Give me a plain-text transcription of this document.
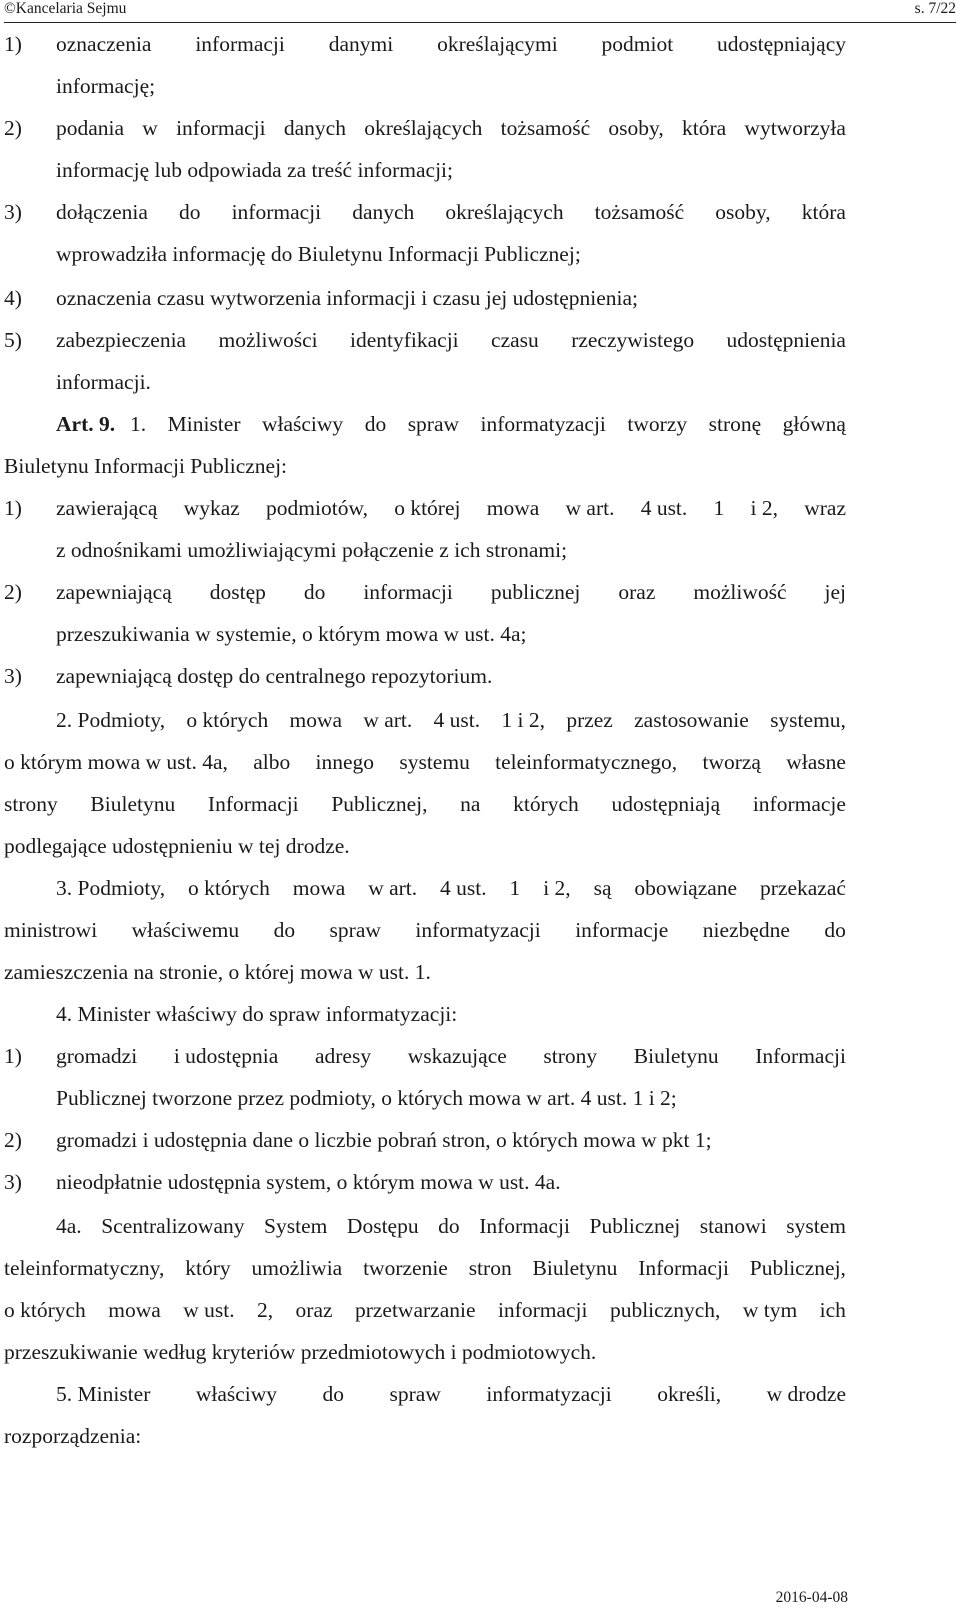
©Kancelaria Sejmu	s. 7/22
1) oznaczenia informacji danymi określającymi podmiot udostępniający
informację;
2) podania w informacji danych określających tożsamość osoby, która wytworzyła
informację lub odpowiada za treść informacji;
3) dołączenia do informacji danych określających tożsamość osoby, która
wprowadziła informację do Biuletynu Informacji Publicznej;
4) oznaczenia czasu wytworzenia informacji i czasu jej udostępnienia;
5) zabezpieczenia możliwości identyfikacji czasu rzeczywistego udostępnienia
informacji.
Art. 9. 1. Minister właściwy do spraw informatyzacji tworzy stronę główną
Biuletynu Informacji Publicznej:
1) zawierającą wykaz podmiotów, o której mowa w art. 4 ust. 1 i 2, wraz
z odnośnikami umożliwiającymi połączenie z ich stronami;
2) zapewniającą dostęp do informacji publicznej oraz możliwość jej
przeszukiwania w systemie, o którym mowa w ust. 4a;
3) zapewniającą dostęp do centralnego repozytorium.
2. Podmioty, o których mowa w art. 4 ust. 1 i 2, przez zastosowanie systemu,
o którym mowa w ust. 4a, albo innego systemu teleinformatycznego, tworzą własne
strony Biuletynu Informacji Publicznej, na których udostępniają informacje
podlegające udostępnieniu w tej drodze.
3. Podmioty, o których mowa w art. 4 ust. 1 i 2, są obowiązane przekazać
ministrowi właściwemu do spraw informatyzacji informacje niezbędne do
zamieszczenia na stronie, o której mowa w ust. 1.
4. Minister właściwy do spraw informatyzacji:
1) gromadzi i udostępnia adresy wskazujące strony Biuletynu Informacji
Publicznej tworzone przez podmioty, o których mowa w art. 4 ust. 1 i 2;
2) gromadzi i udostępnia dane o liczbie pobrań stron, o których mowa w pkt 1;
3) nieodpłatnie udostępnia system, o którym mowa w ust. 4a.
4a. Scentralizowany System Dostępu do Informacji Publicznej stanowi system
teleinformatyczny, który umożliwia tworzenie stron Biuletynu Informacji Publicznej,
o których mowa w ust. 2, oraz przetwarzanie informacji publicznych, w tym ich
przeszukiwanie według kryteriów przedmiotowych i podmiotowych.
5. Minister właściwy do spraw informatyzacji określi, w drodze
rozporządzenia:
2016-04-08
